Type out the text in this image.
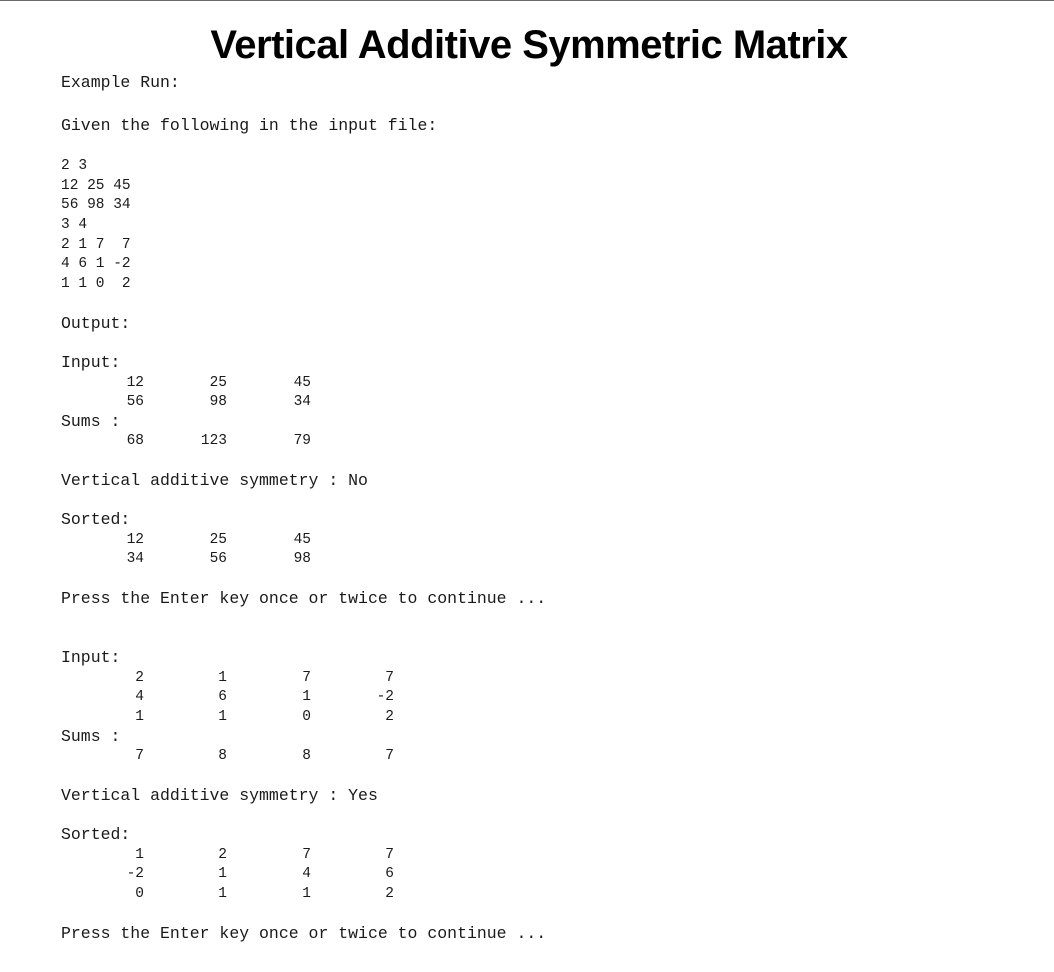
Vertical Additive Symmetric Matrix

Example Run:

Given the following in the input file:

2 3

12 25 45

56 98 34

3 4

2 1 7  7

4 6 1 -2

1 1 0  2

Output:

Input:

12	25	45
56	98	34

Sums :

68	123	79

Vertical additive symmetry : No

Sorted:

12	25	45
34	56	98

Press the Enter key once or twice to continue ...

Input:

2	1	7	7
4	6	1	-2
1	1	0	2

Sums :

7	8	8	7

Vertical additive symmetry : Yes

Sorted:

1	2	7	7
-2	1	4	6
0	1	1	2

Press the Enter key once or twice to continue ...
